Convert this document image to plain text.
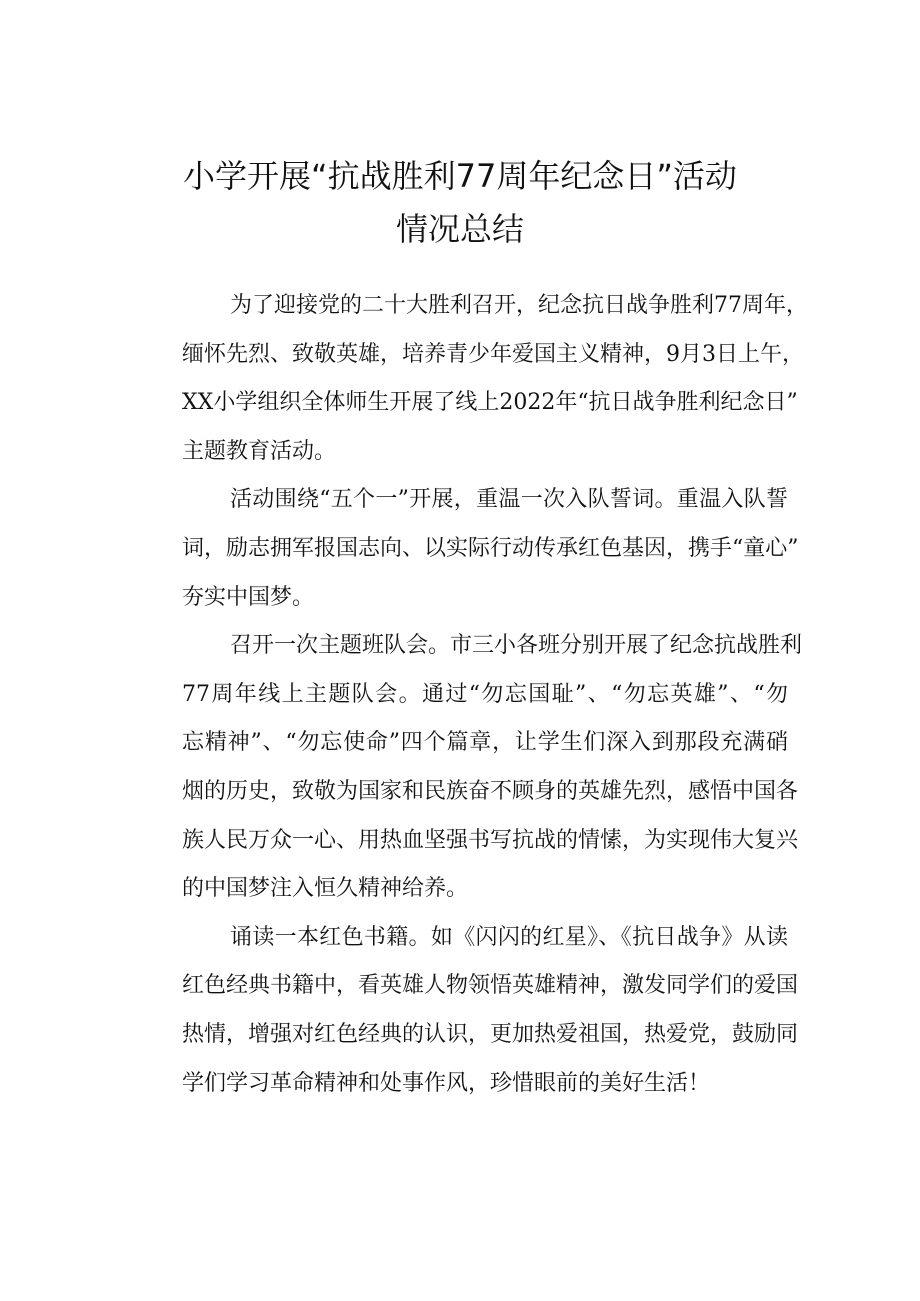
小学开展“抗战胜利77周年纪念日”活动
情况总结

为了迎接党的二十大胜利召开，纪念抗日战争胜利77周年，
缅怀先烈、致敬英雄，培养青少年爱国主义精神，9月3日上午，
XX小学组织全体师生开展了线上2022年“抗日战争胜利纪念日”
主题教育活动。

活动围绕“五个一”开展，重温一次入队誓词。重温入队誓
词，励志拥军报国志向、以实际行动传承红色基因，携手“童心”
夯实中国梦。

召开一次主题班队会。市三小各班分别开展了纪念抗战胜利
77周年线上主题队会。通过“勿忘国耻”、“勿忘英雄”、“勿
忘精神”、“勿忘使命”四个篇章，让学生们深入到那段充满硝
烟的历史，致敬为国家和民族奋不顾身的英雄先烈，感悟中国各
族人民万众一心、用热血坚强书写抗战的情愫，为实现伟大复兴
的中国梦注入恒久精神给养。

诵读一本红色书籍。如《闪闪的红星》、《抗日战争》从读
红色经典书籍中，看英雄人物领悟英雄精神，激发同学们的爱国
热情，增强对红色经典的认识，更加热爱祖国，热爱党，鼓励同
学们学习革命精神和处事作风，珍惜眼前的美好生活！
